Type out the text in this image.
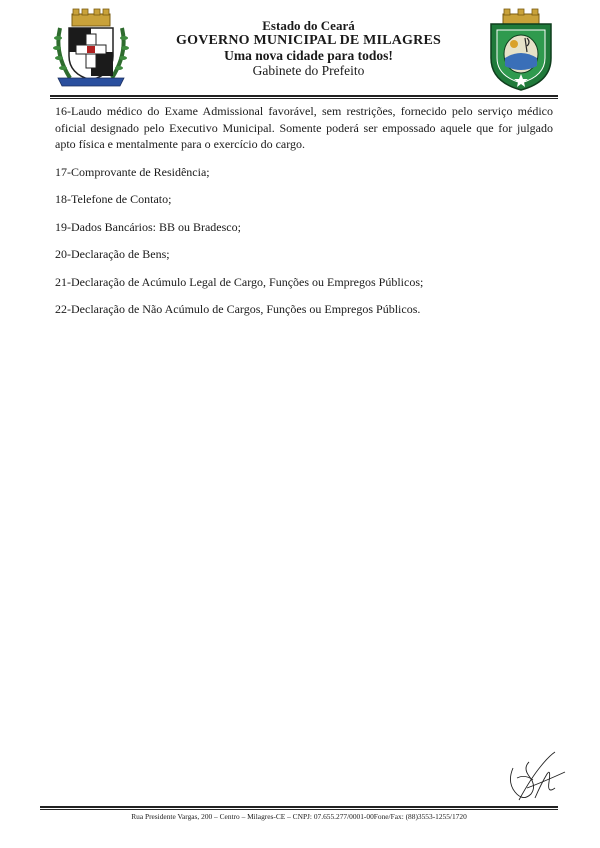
Estado do Ceará
GOVERNO MUNICIPAL DE MILAGRES
Uma nova cidade para todos!
Gabinete do Prefeito

16-Laudo médico do Exame Admissional favorável, sem restrições, fornecido pelo serviço médico oficial designado pelo Executivo Municipal. Somente poderá ser empossado aquele que for julgado apto física e mentalmente para o exercício do cargo.

17-Comprovante de Residência;

18-Telefone de Contato;

19-Dados Bancários: BB ou Bradesco;

20-Declaração de Bens;

21-Declaração de Acúmulo Legal de Cargo, Funções ou Empregos Públicos;

22-Declaração de Não Acúmulo de Cargos, Funções ou Empregos Públicos.

Rua Presidente Vargas, 200 – Centro – Milagres-CE – CNPJ: 07.655.277/0001-00Fone/Fax: (88)3553-1255/1720
